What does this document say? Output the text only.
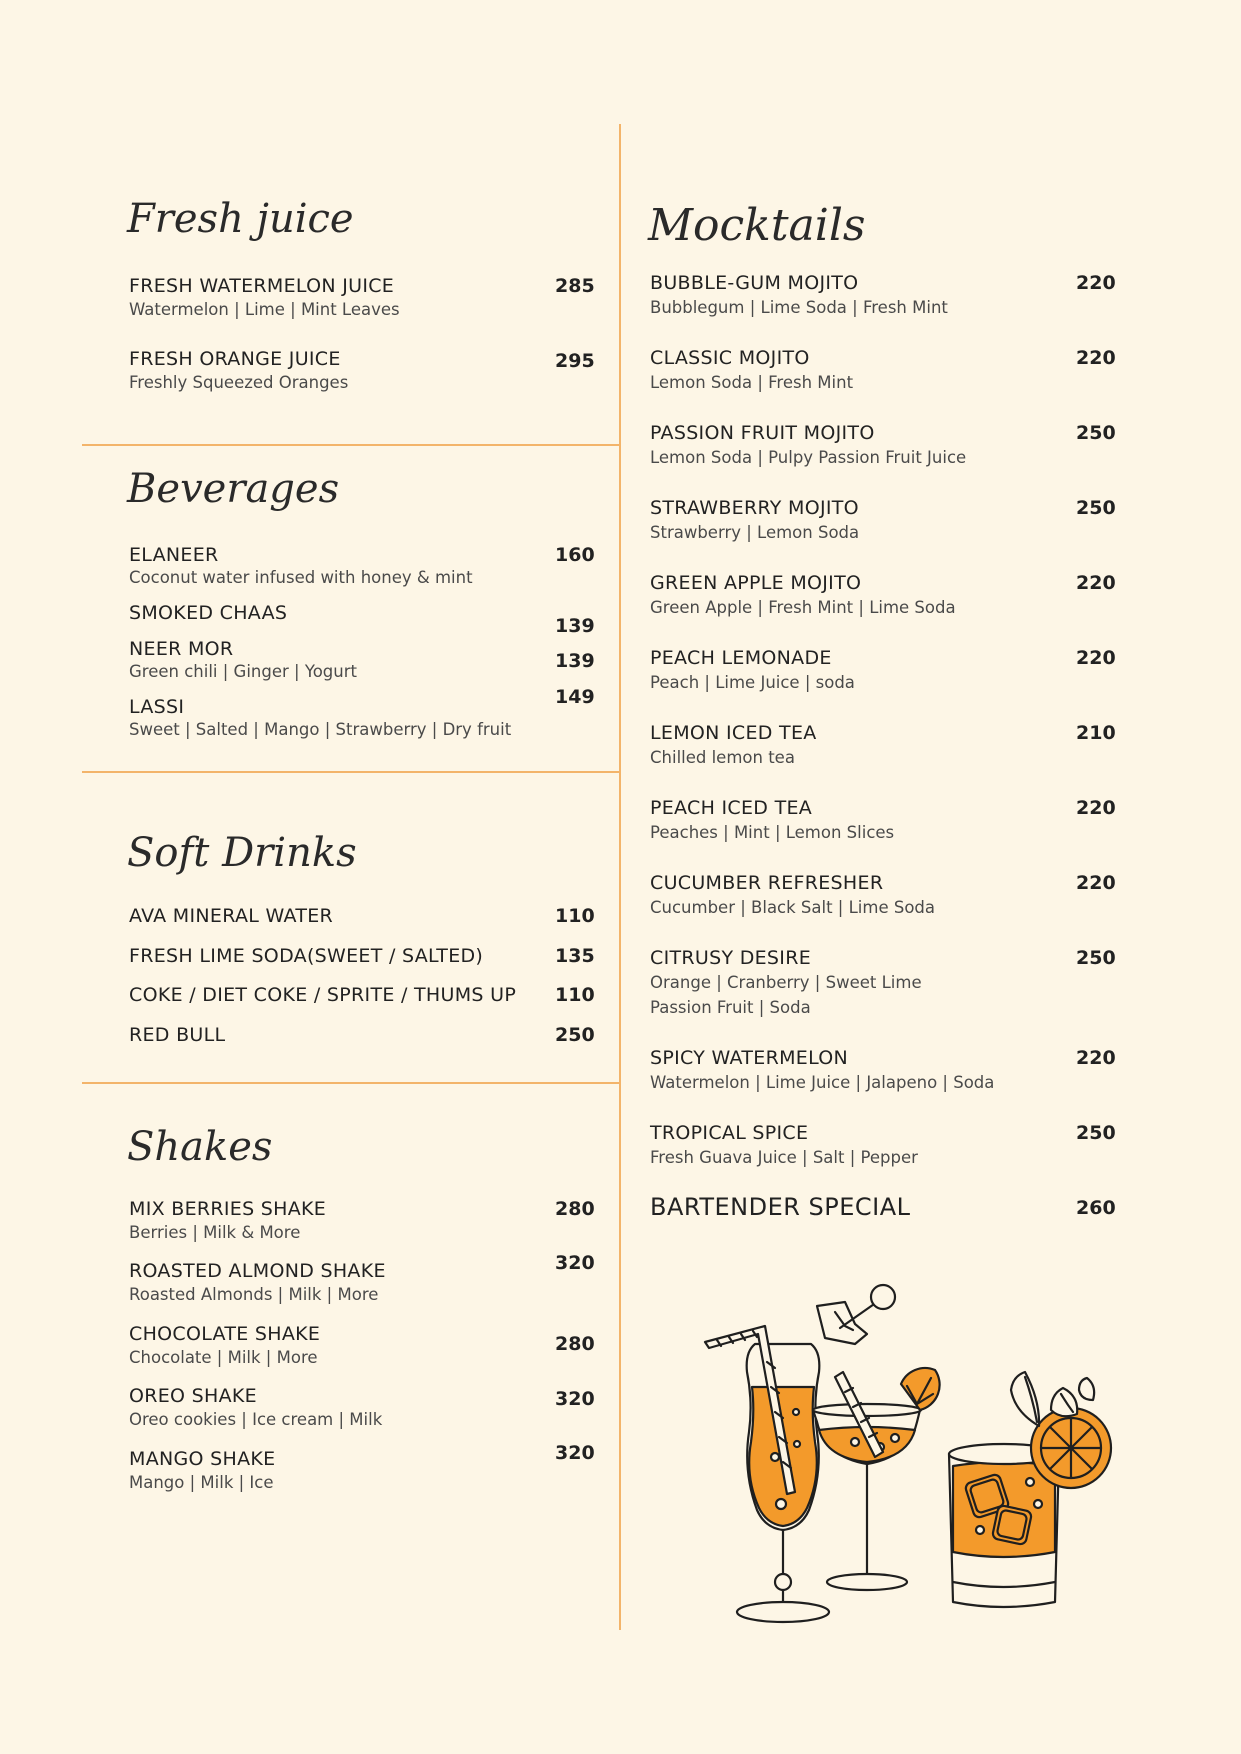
Fresh juice
FRESH WATERMELON JUICE
Watermelon | Lime | Mint Leaves
285
FRESH ORANGE JUICE
Freshly Squeezed Oranges
295
Beverages
ELANEER
Coconut water infused with honey & mint
160
SMOKED CHAAS
139
NEER MOR
Green chili | Ginger | Yogurt	139
LASSI
Sweet | Salted | Mango | Strawberry | Dry fruit
149
Soft Drinks
AVA MINERAL WATER	110
FRESH LIME SODA(SWEET / SALTED)	135
COKE / DIET COKE / SPRITE / THUMS UP 110
RED BULL	250
Shakes
MIX BERRIES SHAKE
Berries | Milk & More
280
ROASTED ALMOND SHAKE
Roasted Almonds | Milk | More
320
CHOCOLATE SHAKE
Chocolate | Milk | More
280
OREO SHAKE
Oreo cookies | Ice cream | Milk
320
MANGO SHAKE
Mango | Milk | Ice
320
Mocktails
BUBBLE-GUM MOJITO
Bubblegum | Lime Soda | Fresh Mint
220
CLASSIC MOJITO
Lemon Soda | Fresh Mint
220
PASSION FRUIT MOJITO
Lemon Soda | Pulpy Passion Fruit Juice
250
STRAWBERRY MOJITO
Strawberry | Lemon Soda
250
GREEN APPLE MOJITO
Green Apple | Fresh Mint | Lime Soda
220
PEACH LEMONADE
Peach | Lime Juice | soda
220
LEMON ICED TEA
Chilled lemon tea
210
PEACH ICED TEA
Peaches | Mint | Lemon Slices
220
CUCUMBER REFRESHER
Cucumber | Black Salt | Lime Soda
220
CITRUSY DESIRE
Orange | Cranberry | Sweet Lime
Passion Fruit | Soda
250
SPICY WATERMELON
Watermelon | Lime Juice | Jalapeno | Soda
220
TROPICAL SPICE
Fresh Guava Juice | Salt | Pepper
250
BARTENDER SPECIAL	260
